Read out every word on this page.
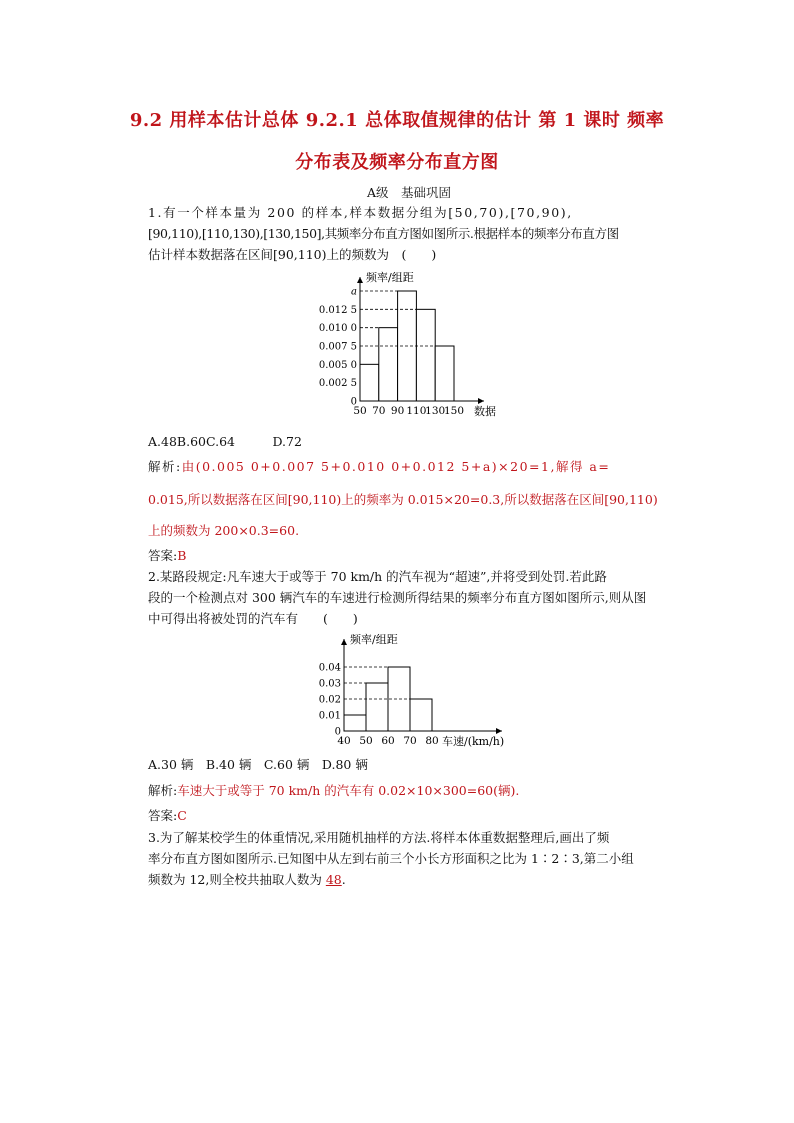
9.2 用样本估计总体 9.2.1 总体取值规律的估计 第 1 课时 频率
分布表及频率分布直方图
A级　基础巩固
1.有一个样本量为 200 的样本,样本数据分组为[50,70),[70,90),
[90,110),[110,130),[130,150],其频率分布直方图如图所示.根据样本的频率分布直方图
估计样本数据落在区间[90,110)上的频数为　(　　)
a
0.012 5
0.010 0
0.007 5
0.005 0
0.002 5
0
50 70 90 110
130
150
频率/组距
数据
A.48B.60C.64　　　D.72
解析:由(0.005 0+0.007 5+0.010 0+0.012 5+a)×20=1,解得 a=
0.015,所以数据落在区间[90,110)上的频率为 0.015×20=0.3,所以数据落在区间[90,110)
上的频数为 200×0.3=60.
答案:B
2.某路段规定:凡车速大于或等于 70 km/h 的汽车视为“超速”,并将受到处罚.若此路
段的一个检测点对 300 辆汽车的车速进行检测所得结果的频率分布直方图如图所示,则从图
中可得出将被处罚的汽车有　　(　　)
0.04
0.03
0.02
0.01
0
40 50 60 70 80
频率/组距
车速/(km/h)
A.30 辆　B.40 辆　C.60 辆　D.80 辆
解析:车速大于或等于 70 km/h 的汽车有 0.02×10×300=60(辆).
答案:C
3.为了解某校学生的体重情况,采用随机抽样的方法.将样本体重数据整理后,画出了频
率分布直方图如图所示.已知图中从左到右前三个小长方形面积之比为 1∶2∶3,第二小组
频数为 12,则全校共抽取人数为 48.
